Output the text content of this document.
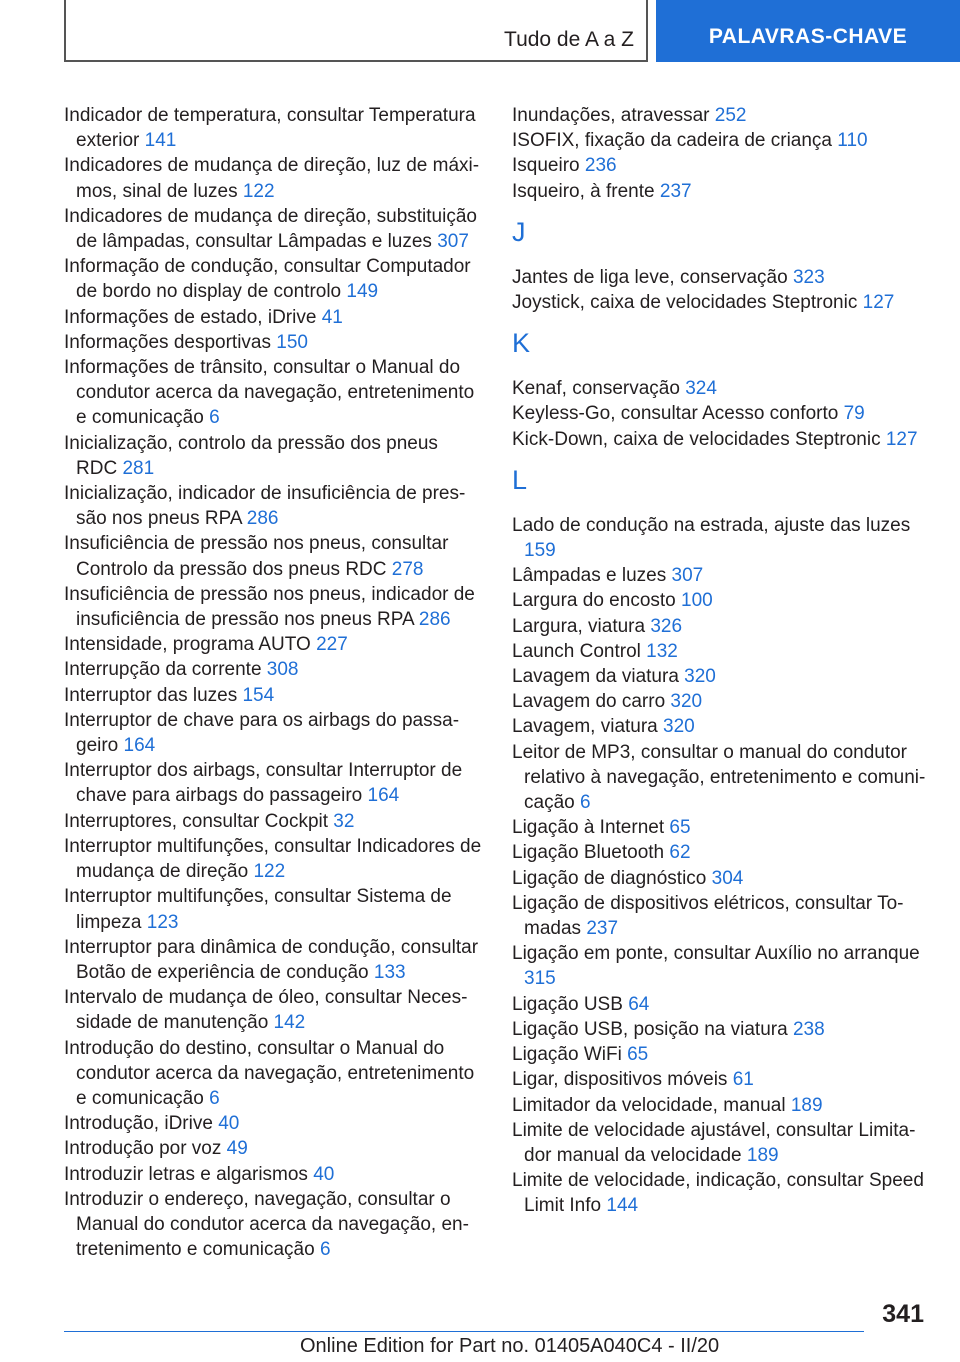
Tudo de A a Z	PALAVRAS-CHAVE

Indicador de temperatura, consultar Temperatura exterior 141

Indicadores de mudança de direção, luz de máximos, sinal de luzes 122

Indicadores de mudança de direção, substituição de lâmpadas, consultar Lâmpadas e luzes 307

Informação de condução, consultar Computador de bordo no display de controlo 149

Informações de estado, iDrive 41

Informações desportivas 150

Informações de trânsito, consultar o Manual do condutor acerca da navegação, entretenimento e comunicação 6

Inicialização, controlo da pressão dos pneus RDC 281

Inicialização, indicador de insuficiência de pressão nos pneus RPA 286

Insuficiência de pressão nos pneus, consultar Controlo da pressão dos pneus RDC 278

Insuficiência de pressão nos pneus, indicador de insuficiência de pressão nos pneus RPA 286

Intensidade, programa AUTO 227

Interrupção da corrente 308

Interruptor das luzes 154

Interruptor de chave para os airbags do passageiro 164

Interruptor dos airbags, consultar Interruptor de chave para airbags do passageiro 164

Interruptores, consultar Cockpit 32

Interruptor multifunções, consultar Indicadores de mudança de direção 122

Interruptor multifunções, consultar Sistema de limpeza 123

Interruptor para dinâmica de condução, consultar Botão de experiência de condução 133

Intervalo de mudança de óleo, consultar Necessidade de manutenção 142

Introdução do destino, consultar o Manual do condutor acerca da navegação, entretenimento e comunicação 6

Introdução, iDrive 40

Introdução por voz 49

Introduzir letras e algarismos 40

Introduzir o endereço, navegação, consultar o Manual do condutor acerca da navegação, entretenimento e comunicação 6

Inundações, atravessar 252

ISOFIX, fixação da cadeira de criança 110

Isqueiro 236

Isqueiro, à frente 237

J

Jantes de liga leve, conservação 323

Joystick, caixa de velocidades Steptronic 127

K

Kenaf, conservação 324

Keyless-Go, consultar Acesso conforto 79

Kick-Down, caixa de velocidades Steptronic 127

L

Lado de condução na estrada, ajuste das luzes 159

Lâmpadas e luzes 307

Largura do encosto 100

Largura, viatura 326

Launch Control 132

Lavagem da viatura 320

Lavagem do carro 320

Lavagem, viatura 320

Leitor de MP3, consultar o manual do condutor relativo à navegação, entretenimento e comunicação 6

Ligação à Internet 65

Ligação Bluetooth 62

Ligação de diagnóstico 304

Ligação de dispositivos elétricos, consultar Tomadas 237

Ligação em ponte, consultar Auxílio no arranque 315

Ligação USB 64

Ligação USB, posição na viatura 238

Ligação WiFi 65

Ligar, dispositivos móveis 61

Limitador da velocidade, manual 189

Limite de velocidade ajustável, consultar Limitador manual da velocidade 189

Limite de velocidade, indicação, consultar Speed Limit Info 144

341
Online Edition for Part no. 01405A040C4 - II/20
